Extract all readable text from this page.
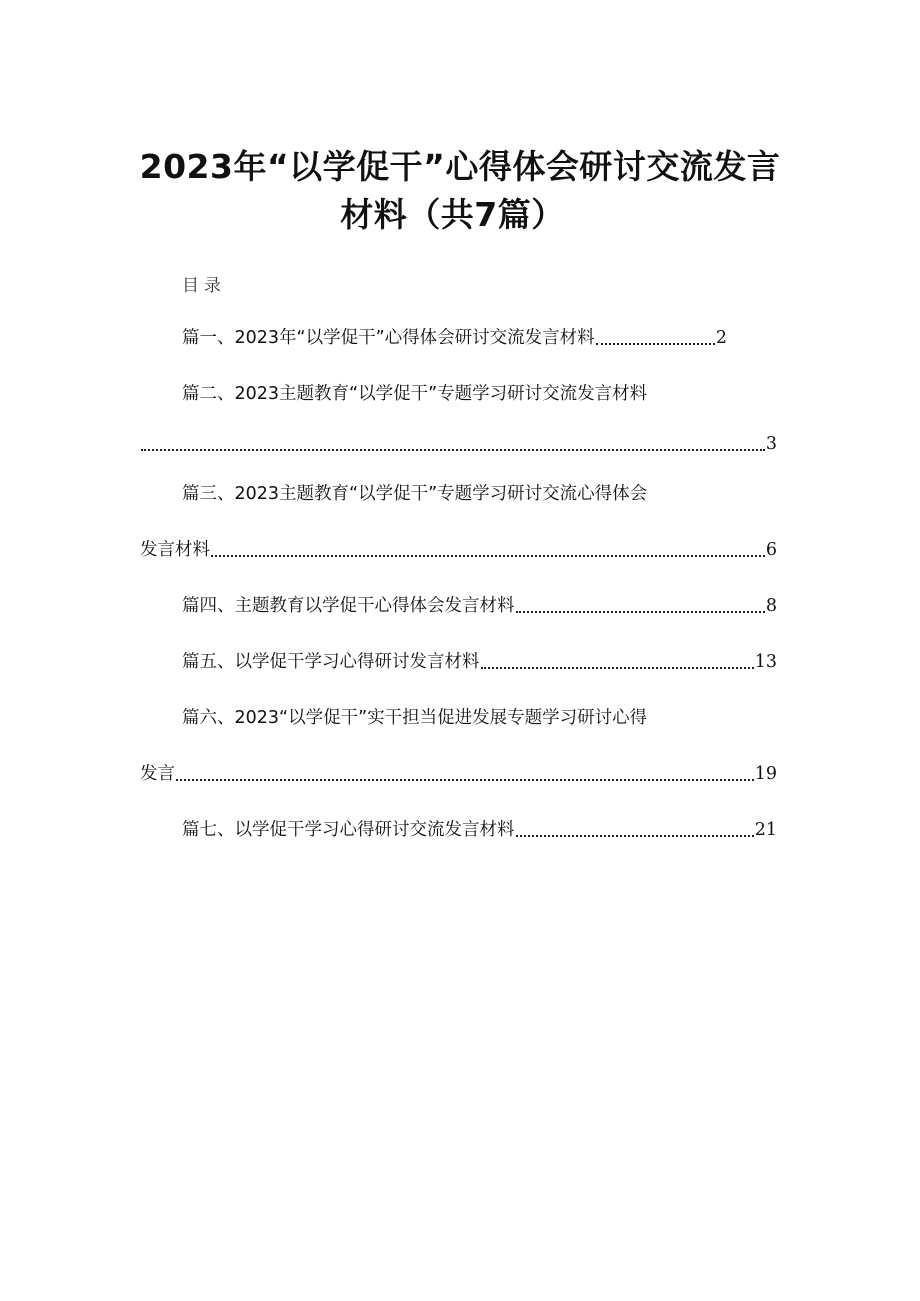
2023年“以学促干”心得体会研讨交流发言
材料（共7篇）
目录
篇一、2023年“以学促干”心得体会研讨交流发言材料	2
篇二、2023主题教育“以学促干”专题学习研讨交流发言材料
3
篇三、2023主题教育“以学促干”专题学习研讨交流心得体会
发言材料	6
篇四、主题教育以学促干心得体会发言材料	8
篇五、以学促干学习心得研讨发言材料	13
篇六、2023“以学促干”实干担当促进发展专题学习研讨心得
发言	19
篇七、以学促干学习心得研讨交流发言材料	21
